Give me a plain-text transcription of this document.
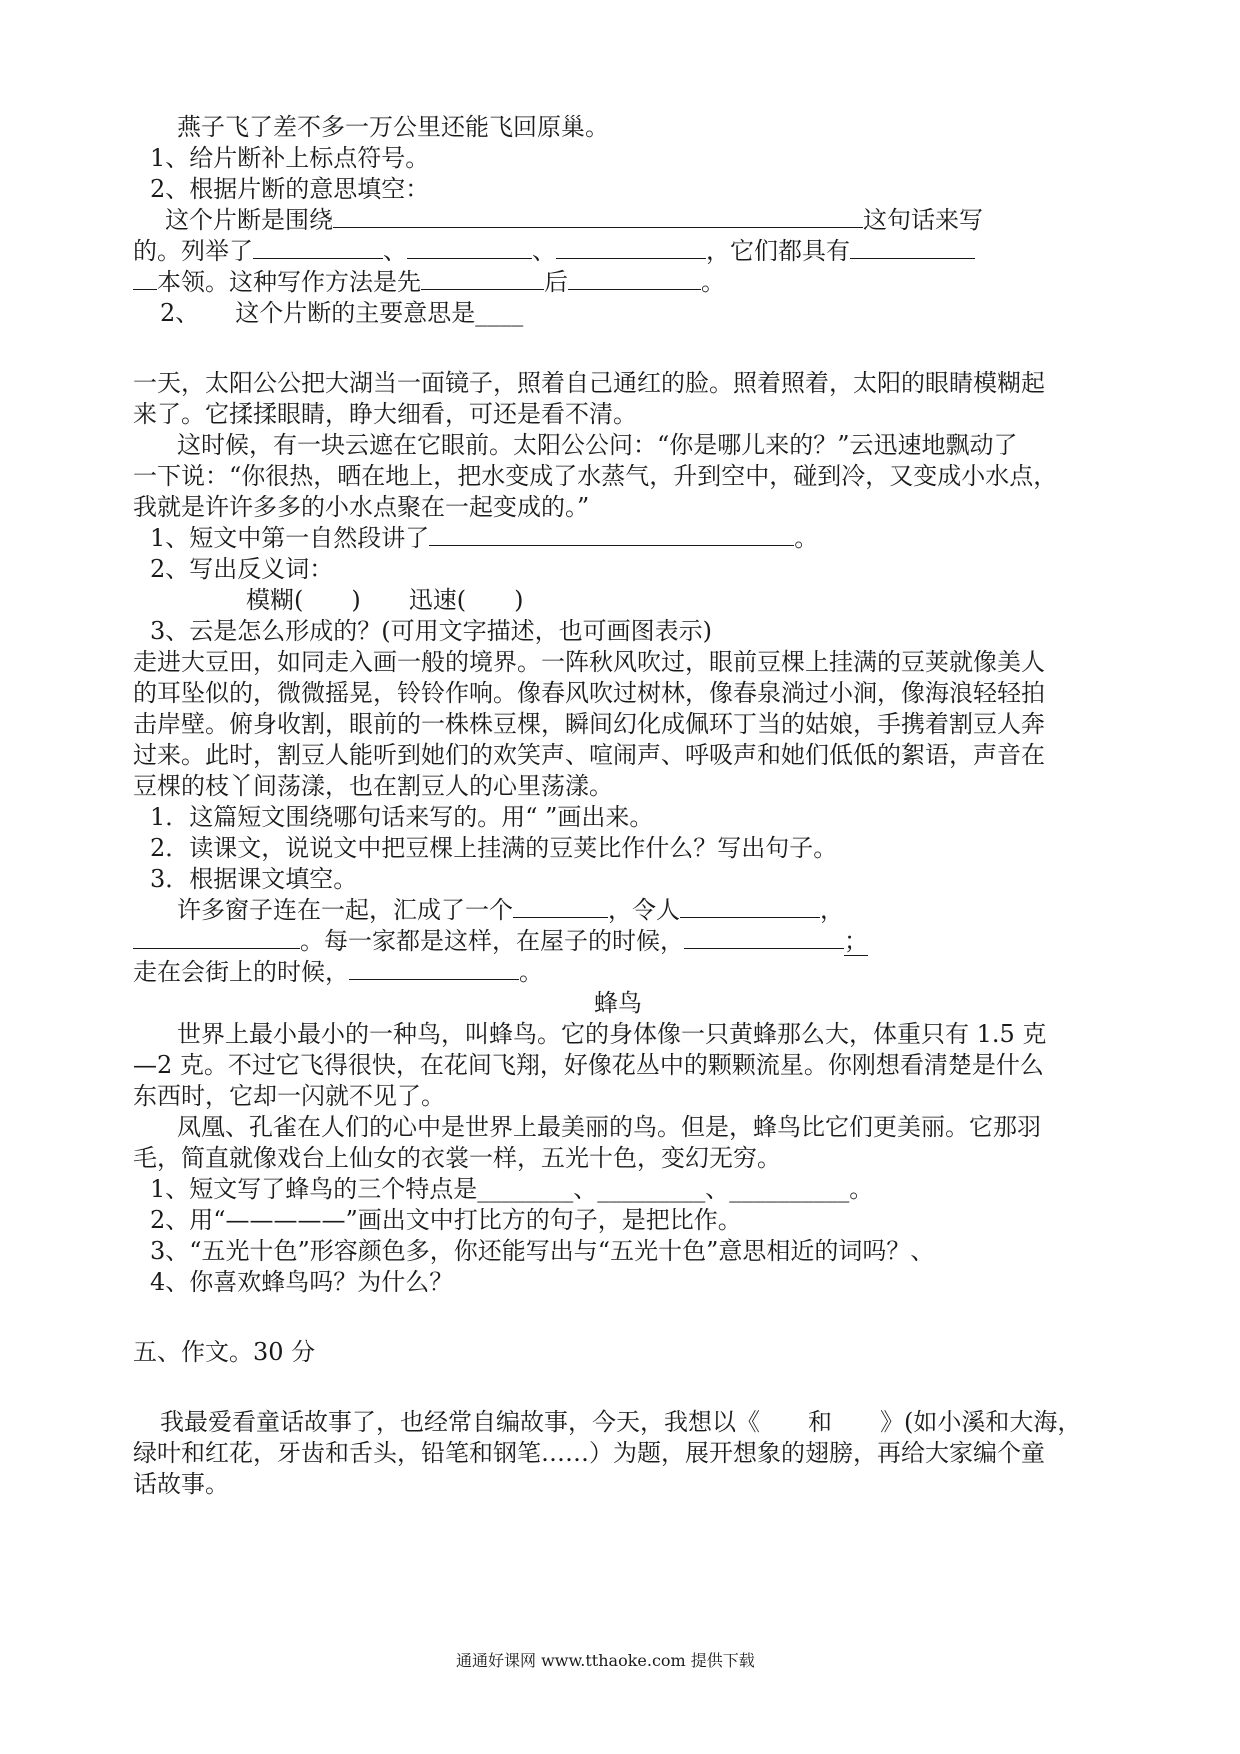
燕子飞了差不多一万公里还能飞回原巢。
1、给片断补上标点符号。
2、根据片断的意思填空：
这个片断是围绕	这句话来写
的。列举了	、	、	，它们都具有
本领。这种写作方法是先	后	。
2、　　这个片断的主要意思是____
一天，太阳公公把大湖当一面镜子，照着自己通红的脸。照着照着，太阳的眼睛模糊起
来了。它揉揉眼睛，睁大细看，可还是看不清。
这时候，有一块云遮在它眼前。太阳公公问：“你是哪儿来的？”云迅速地飘动了
一下说：“你很热，晒在地上，把水变成了水蒸气，升到空中，碰到冷，又变成小水点，
我就是许许多多的小水点聚在一起变成的。”
1、短文中第一自然段讲了	。
2、写出反义词：
模糊(　　)　　迅速(　　)
3、云是怎么形成的？(可用文字描述，也可画图表示)
走进大豆田，如同走入画一般的境界。一阵秋风吹过，眼前豆棵上挂满的豆荚就像美人
的耳坠似的，微微摇晃，铃铃作响。像春风吹过树林，像春泉淌过小涧，像海浪轻轻拍
击岸壁。俯身收割，眼前的一株株豆棵，瞬间幻化成佩环丁当的姑娘，手携着割豆人奔
过来。此时，割豆人能听到她们的欢笑声、喧闹声、呼吸声和她们低低的絮语，声音在
豆棵的枝丫间荡漾，也在割豆人的心里荡漾。
1．这篇短文围绕哪句话来写的。用“ ”画出来。
2．读课文，说说文中把豆棵上挂满的豆荚比作什么？写出句子。
3．根据课文填空。
许多窗子连在一起，汇成了一个	，令人	，
。每一家都是这样，在屋子的时候，	；
走在会街上的时候，	。
蜂鸟
世界上最小最小的一种鸟，叫蜂鸟。它的身体像一只黄蜂那么大，体重只有 1.5 克
—2 克。不过它飞得很快，在花间飞翔，好像花丛中的颗颗流星。你刚想看清楚是什么
东西时，它却一闪就不见了。
凤凰、孔雀在人们的心中是世界上最美丽的鸟。但是，蜂鸟比它们更美丽。它那羽
毛，简直就像戏台上仙女的衣裳一样，五光十色，变幻无穷。
1、短文写了蜂鸟的三个特点是________、_________、__________。
2、用“—————”画出文中打比方的句子，是把比作。
3、“五光十色”形容颜色多，你还能写出与“五光十色”意思相近的词吗？、
4、你喜欢蜂鸟吗？为什么？
五、作文。30 分
我最爱看童话故事了，也经常自编故事，今天，我想以《　　和　　》(如小溪和大海，
绿叶和红花，牙齿和舌头，铅笔和钢笔……）为题，展开想象的翅膀，再给大家编个童
话故事。
通通好课网 www.tthaoke.com 提供下载
